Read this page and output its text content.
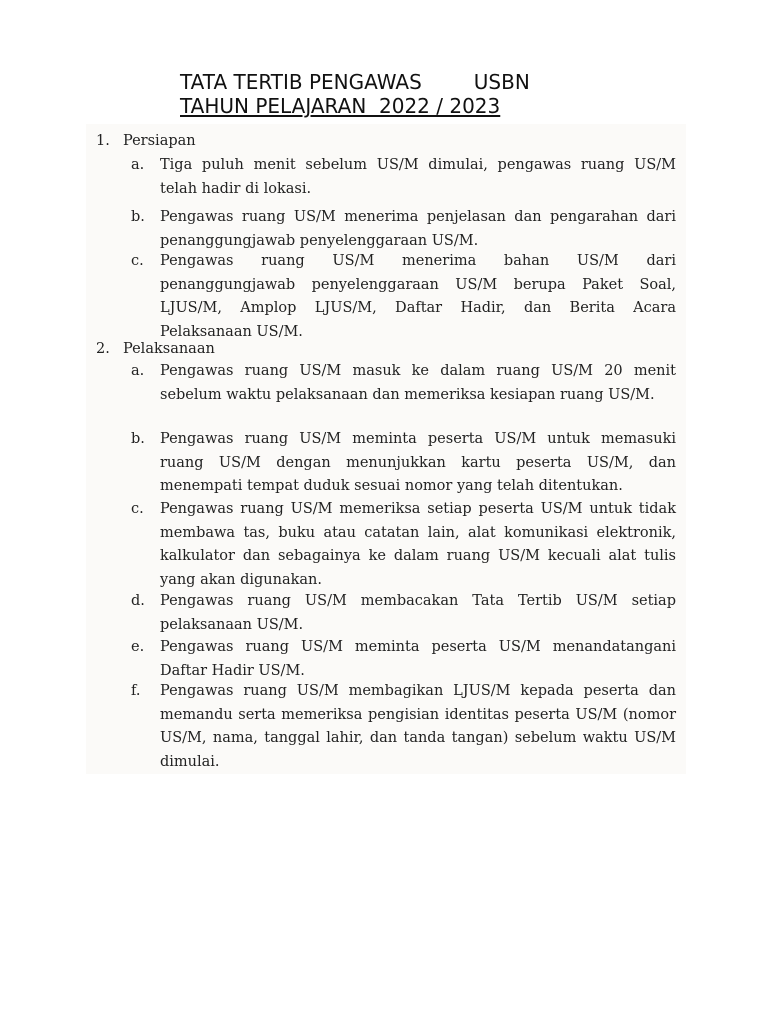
TATA TERTIB PENGAWAS	USBN
TAHUN PELAJARAN  2022 / 2023
1. Persiapan
a. Tiga puluh menit sebelum US/M dimulai, pengawas ruang US/M telah hadir di lokasi.
b. Pengawas ruang US/M menerima penjelasan dan pengarahan dari penanggungjawab penyelenggaraan US/M.
c. Pengawas ruang US/M menerima bahan US/M dari penanggungjawab penyelenggaraan US/M berupa Paket Soal, LJUS/M, Amplop LJUS/M, Daftar Hadir, dan Berita Acara Pelaksanaan US/M.
2. Pelaksanaan
a. Pengawas ruang US/M masuk ke dalam ruang US/M 20 menit sebelum waktu pelaksanaan dan memeriksa kesiapan ruang US/M.
b. Pengawas ruang US/M meminta peserta US/M untuk memasuki ruang US/M dengan menunjukkan kartu peserta US/M, dan menempati tempat duduk sesuai nomor yang telah ditentukan.
c. Pengawas ruang US/M memeriksa setiap peserta US/M untuk tidak membawa tas, buku atau catatan lain, alat komunikasi elektronik, kalkulator dan sebagainya ke dalam ruang US/M kecuali alat tulis yang akan digunakan.
d. Pengawas ruang US/M membacakan Tata Tertib US/M setiap pelaksanaan US/M.
e. Pengawas ruang US/M meminta peserta US/M menandatangani Daftar Hadir US/M.
f. Pengawas ruang US/M membagikan LJUS/M kepada peserta dan memandu serta memeriksa pengisian identitas peserta US/M (nomor US/M, nama, tanggal lahir, dan tanda tangan) sebelum waktu US/M dimulai.
